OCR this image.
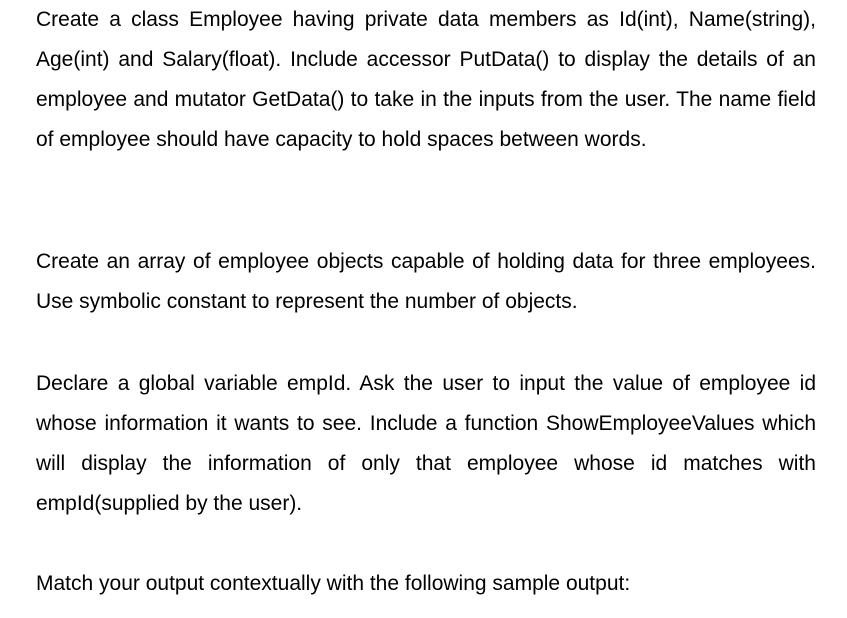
Create a class Employee having private data members as Id(int), Name(string), Age(int) and Salary(float). Include accessor PutData() to display the details of an employee and mutator GetData() to take in the inputs from the user. The name field of employee should have capacity to hold spaces between words.

Create an array of employee objects capable of holding data for three employees. Use symbolic constant to represent the number of objects.

Declare a global variable empId. Ask the user to input the value of employee id whose information it wants to see. Include a function ShowEmployeeValues which will display the information of only that employee whose id matches with empId(supplied by the user).

Match your output contextually with the following sample output:
